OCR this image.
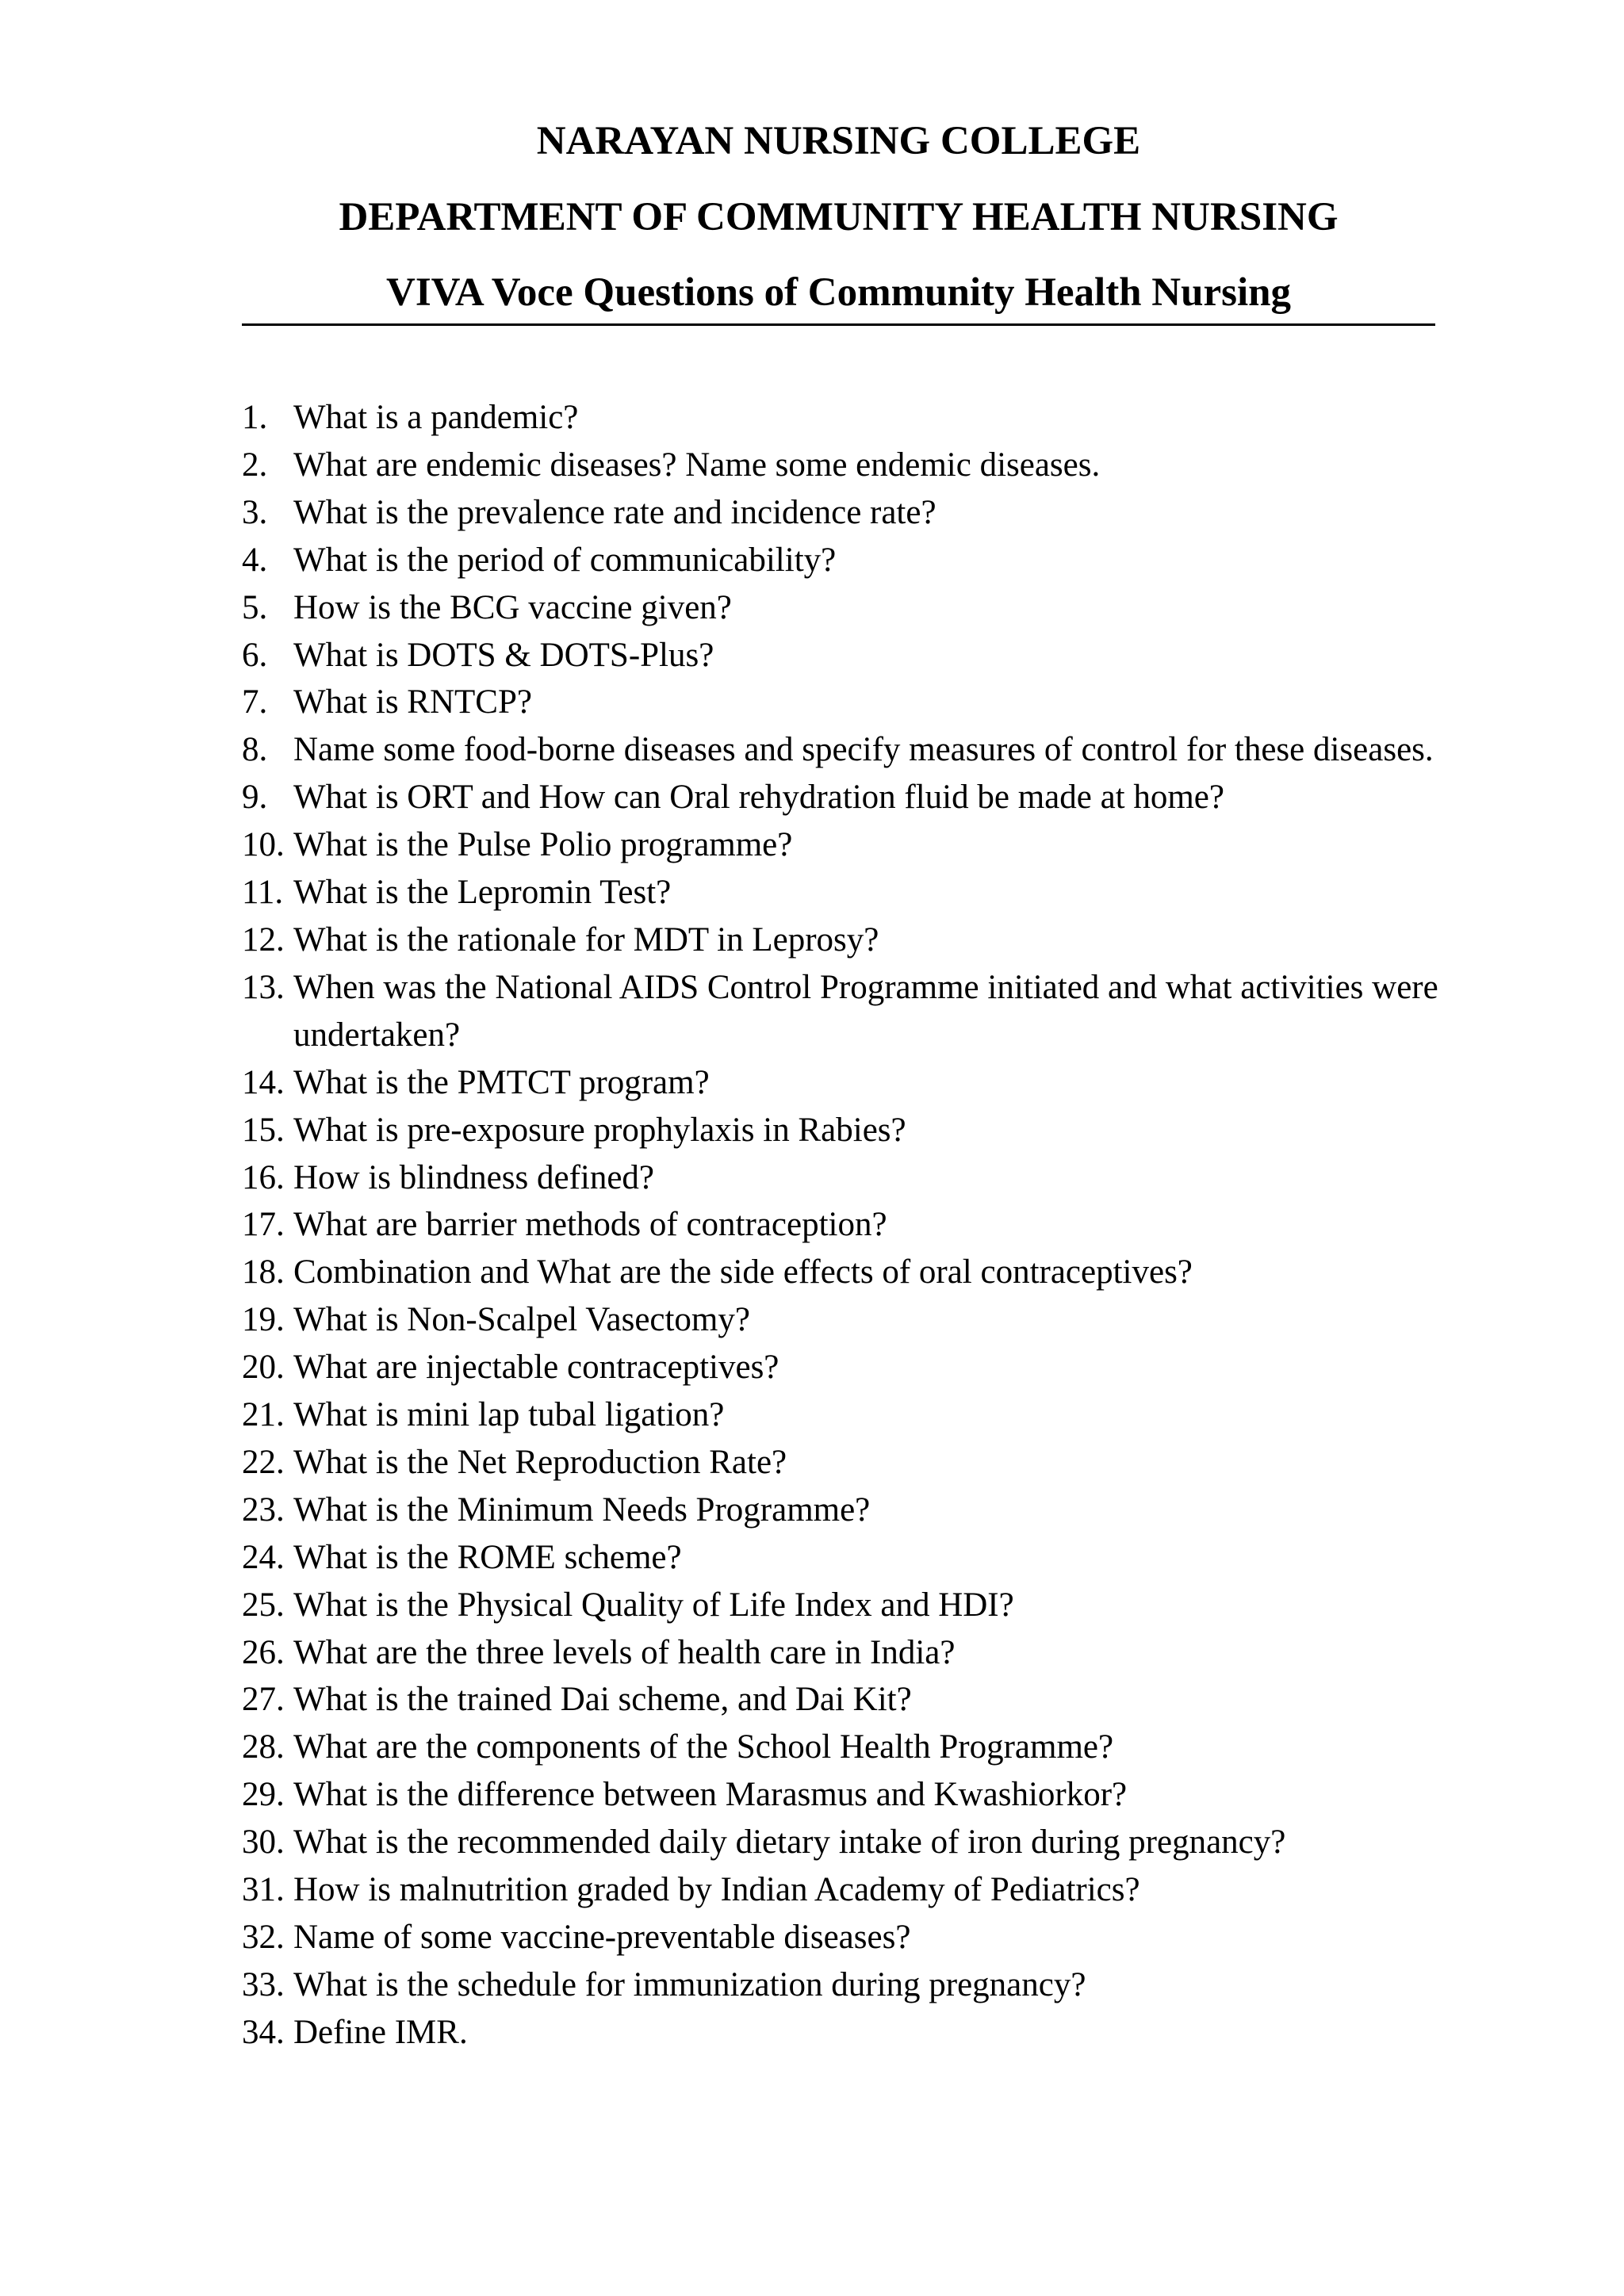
NARAYAN NURSING COLLEGE
DEPARTMENT OF COMMUNITY HEALTH NURSING
VIVA Voce Questions of Community Health Nursing
1. What is a pandemic?
2. What are endemic diseases? Name some endemic diseases.
3. What is the prevalence rate and incidence rate?
4. What is the period of communicability?
5. How is the BCG vaccine given?
6. What is DOTS & DOTS-Plus?
7. What is RNTCP?
8. Name some food-borne diseases and specify measures of control for these diseases.
9. What is ORT and How can Oral rehydration fluid be made at home?
10. What is the Pulse Polio programme?
11. What is the Lepromin Test?
12. What is the rationale for MDT in Leprosy?
13. When was the National AIDS Control Programme initiated and what activities were undertaken?
14. What is the PMTCT program?
15. What is pre-exposure prophylaxis in Rabies?
16. How is blindness defined?
17. What are barrier methods of contraception?
18. Combination and What are the side effects of oral contraceptives?
19. What is Non-Scalpel Vasectomy?
20. What are injectable contraceptives?
21. What is mini lap tubal ligation?
22. What is the Net Reproduction Rate?
23. What is the Minimum Needs Programme?
24. What is the ROME scheme?
25. What is the Physical Quality of Life Index and HDI?
26. What are the three levels of health care in India?
27. What is the trained Dai scheme, and Dai Kit?
28. What are the components of the School Health Programme?
29. What is the difference between Marasmus and Kwashiorkor?
30. What is the recommended daily dietary intake of iron during pregnancy?
31. How is malnutrition graded by Indian Academy of Pediatrics?
32. Name of some vaccine-preventable diseases?
33. What is the schedule for immunization during pregnancy?
34. Define IMR.
